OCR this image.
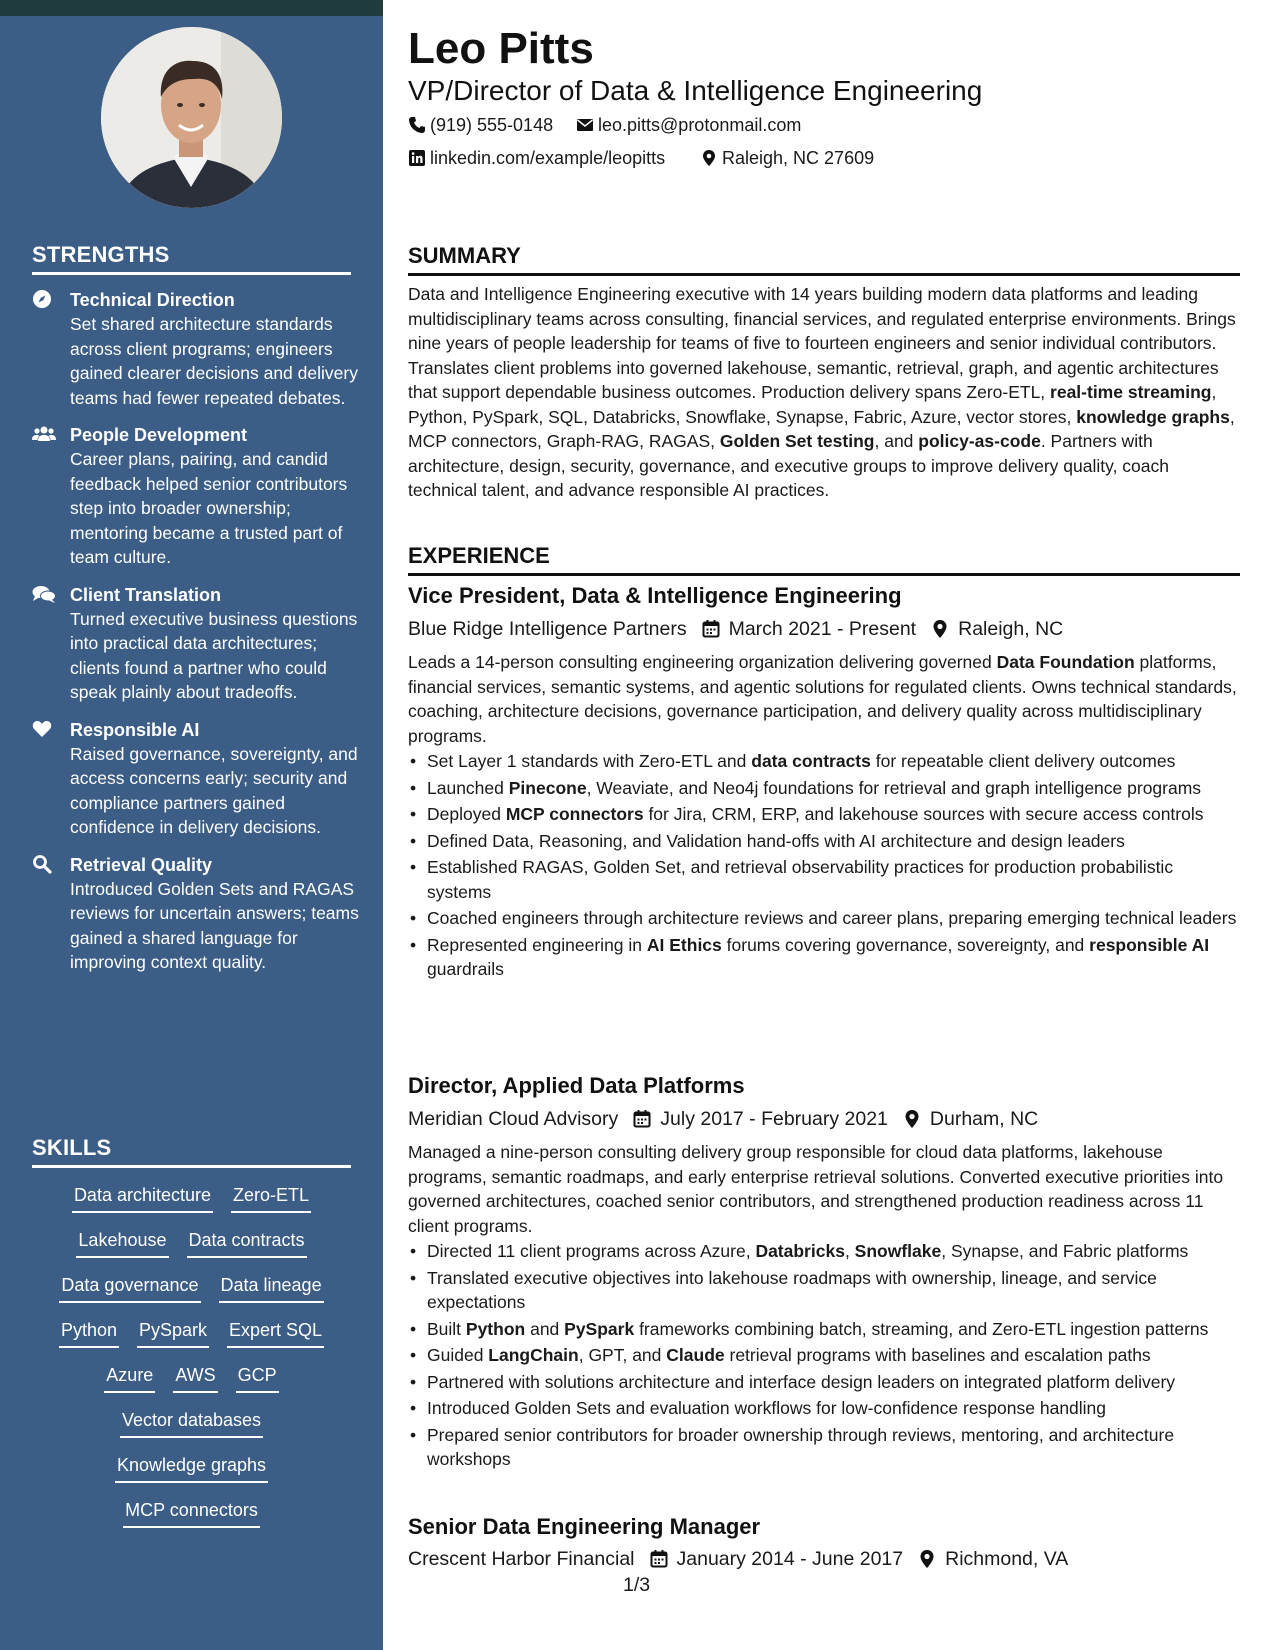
STRENGTHS
Technical Direction
Set shared architecture standards across client programs; engineers gained clearer decisions and delivery teams had fewer repeated debates.
People Development
Career plans, pairing, and candid feedback helped senior contributors step into broader ownership; mentoring became a trusted part of team culture.
Client Translation
Turned executive business questions into practical data architectures; clients found a partner who could speak plainly about tradeoffs.
Responsible AI
Raised governance, sovereignty, and access concerns early; security and compliance partners gained confidence in delivery decisions.
Retrieval Quality
Introduced Golden Sets and RAGAS reviews for uncertain answers; teams gained a shared language for improving context quality.
SKILLS
Data architecture Zero-ETL
Lakehouse Data contracts
Data governance Data lineage
Python PySpark Expert SQL
Azure AWS GCP
Vector databases
Knowledge graphs
MCP connectors
Leo Pitts
VP/Director of Data & Intelligence Engineering
(919) 555-0148 leo.pitts@protonmail.com
linkedin.com/example/leopitts	Raleigh, NC 27609
SUMMARY
Data and Intelligence Engineering executive with 14 years building modern data platforms and leading multidisciplinary teams across consulting, financial services, and regulated enterprise environments. Brings nine years of people leadership for teams of five to fourteen engineers and senior individual contributors. Translates client problems into governed lakehouse, semantic, retrieval, graph, and agentic architectures that support dependable business outcomes. Production delivery spans Zero-ETL, real-time streaming, Python, PySpark, SQL, Databricks, Snowflake, Synapse, Fabric, Azure, vector stores, knowledge graphs, MCP connectors, Graph-RAG, RAGAS, Golden Set testing, and policy-as-code. Partners with architecture, design, security, governance, and executive groups to improve delivery quality, coach technical talent, and advance responsible AI practices.
EXPERIENCE
Vice President, Data & Intelligence Engineering
Blue Ridge Intelligence Partners March 2021 - Present Raleigh, NC
Leads a 14-person consulting engineering organization delivering governed Data Foundation platforms, financial services, semantic systems, and agentic solutions for regulated clients. Owns technical standards, coaching, architecture decisions, governance participation, and delivery quality across multidisciplinary programs.
• Set Layer 1 standards with Zero-ETL and data contracts for repeatable client delivery outcomes
• Launched Pinecone, Weaviate, and Neo4j foundations for retrieval and graph intelligence programs
• Deployed MCP connectors for Jira, CRM, ERP, and lakehouse sources with secure access controls
• Defined Data, Reasoning, and Validation hand-offs with AI architecture and design leaders
• Established RAGAS, Golden Set, and retrieval observability practices for production probabilistic systems
• Coached engineers through architecture reviews and career plans, preparing emerging technical leaders
• Represented engineering in AI Ethics forums covering governance, sovereignty, and responsible AI guardrails
Director, Applied Data Platforms
Meridian Cloud Advisory July 2017 - February 2021 Durham, NC
Managed a nine-person consulting delivery group responsible for cloud data platforms, lakehouse programs, semantic roadmaps, and early enterprise retrieval solutions. Converted executive priorities into governed architectures, coached senior contributors, and strengthened production readiness across 11 client programs.
• Directed 11 client programs across Azure, Databricks, Snowflake, Synapse, and Fabric platforms
• Translated executive objectives into lakehouse roadmaps with ownership, lineage, and service expectations
• Built Python and PySpark frameworks combining batch, streaming, and Zero-ETL ingestion patterns
• Guided LangChain, GPT, and Claude retrieval programs with baselines and escalation paths
• Partnered with solutions architecture and interface design leaders on integrated platform delivery
• Introduced Golden Sets and evaluation workflows for low-confidence response handling
• Prepared senior contributors for broader ownership through reviews, mentoring, and architecture workshops
Senior Data Engineering Manager
Crescent Harbor Financial January 2014 - June 2017 Richmond, VA
1/3
